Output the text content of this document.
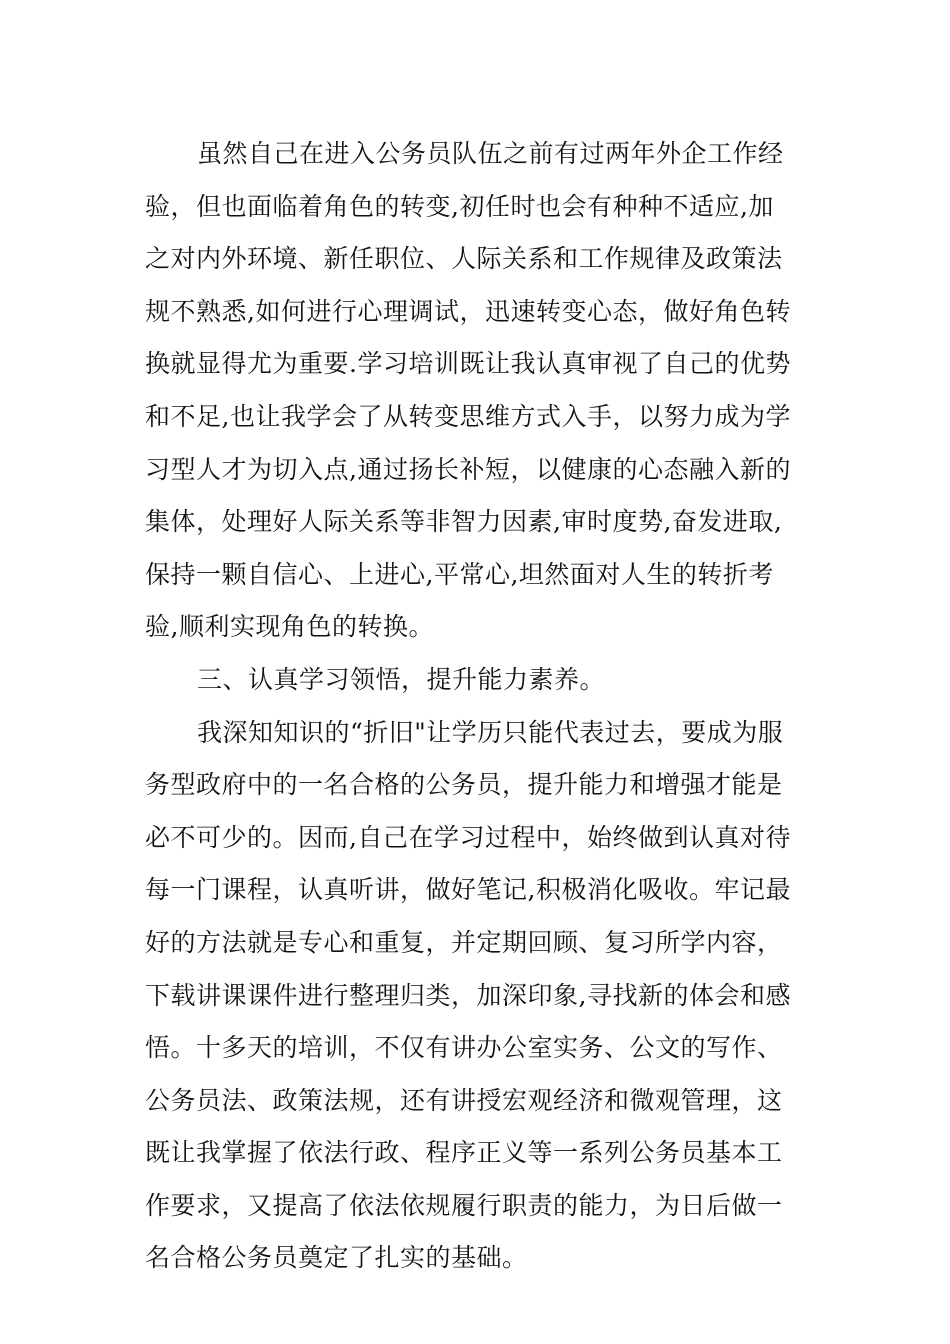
虽然自己在进入公务员队伍之前有过两年外企工作经
验，但也面临着角色的转变,初任时也会有种种不适应,加
之对内外环境、新任职位、人际关系和工作规律及政策法
规不熟悉,如何进行心理调试，迅速转变心态，做好角色转
换就显得尤为重要.学习培训既让我认真审视了自己的优势
和不足,也让我学会了从转变思维方式入手，以努力成为学
习型人才为切入点,通过扬长补短，以健康的心态融入新的
集体，处理好人际关系等非智力因素,审时度势,奋发进取,
保持一颗自信心、上进心,平常心,坦然面对人生的转折考
验,顺利实现角色的转换。
三、认真学习领悟，提升能力素养。
我深知知识的“折旧"让学历只能代表过去，要成为服
务型政府中的一名合格的公务员，提升能力和增强才能是
必不可少的。因而,自己在学习过程中，始终做到认真对待
每一门课程，认真听讲，做好笔记,积极消化吸收。牢记最
好的方法就是专心和重复，并定期回顾、复习所学内容，
下载讲课课件进行整理归类，加深印象,寻找新的体会和感
悟。十多天的培训，不仅有讲办公室实务、公文的写作、
公务员法、政策法规，还有讲授宏观经济和微观管理，这
既让我掌握了依法行政、程序正义等一系列公务员基本工
作要求，又提高了依法依规履行职责的能力，为日后做一
名合格公务员奠定了扎实的基础。
